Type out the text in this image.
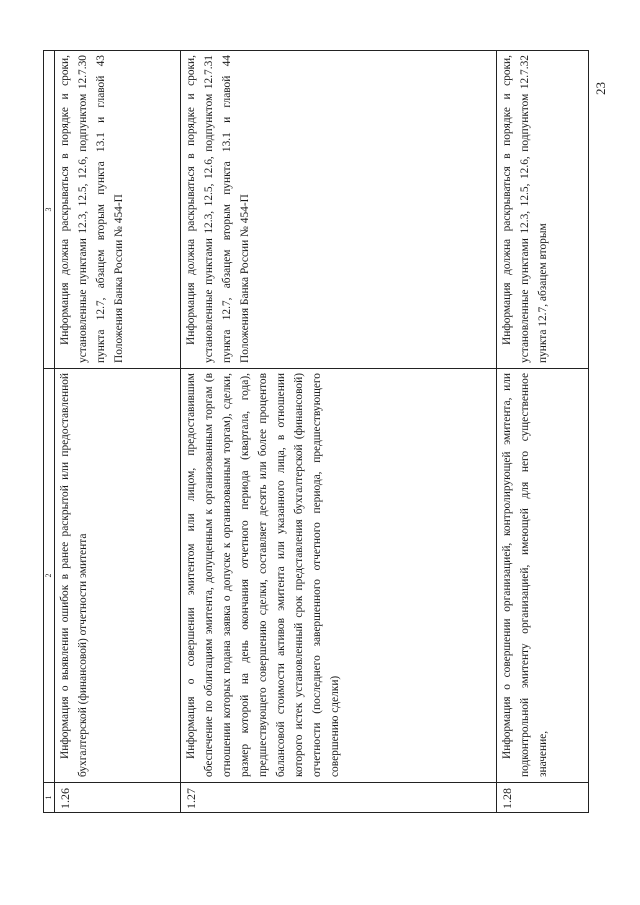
1	2	3
1.26	Информация о выявлении ошибок в ранее раскрытой или предоставленной бухгалтерской (финансовой) отчетности эмитента	Информация должна раскрываться в порядке и сроки, установленные пунктами 12.3, 12.5, 12.6, подпунктом 12.7.30 пункта 12.7, абзацем вторым пункта 13.1 и главой 43 Положения Банка России № 454-П

1.27	Информация о совершении эмитентом или лицом, предоставившим обеспечение по облигациям эмитента, допущенным к организованным торгам (в отношении которых подана заявка о допуске к организованным торгам), сделки, размер которой на день окончания отчетного периода (квартала, года), предшествующего совершению сделки, составляет десять или более процентов балансовой стоимости активов эмитента или указанного лица, в отношении которого истек установленный срок представления бухгалтерской (финансовой) отчетности (последнего завершенного отчетного периода, предшествующего совершению сделки)	Информация должна раскрываться в порядке и сроки, установленные пунктами 12.3, 12.5, 12.6, подпунктом 12.7.31 пункта 12.7, абзацем вторым пункта 13.1 и главой 44 Положения Банка России № 454-П

1.28	Информация о совершении организацией, контролирующей эмитента, или подконтрольной эмитенту организацией, имеющей для него существенное значение,	Информация должна раскрываться в порядке и сроки, установленные пунктами 12.3, 12.5, 12.6, подпунктом 12.7.32 пункта 12.7, абзацем вторым

23
